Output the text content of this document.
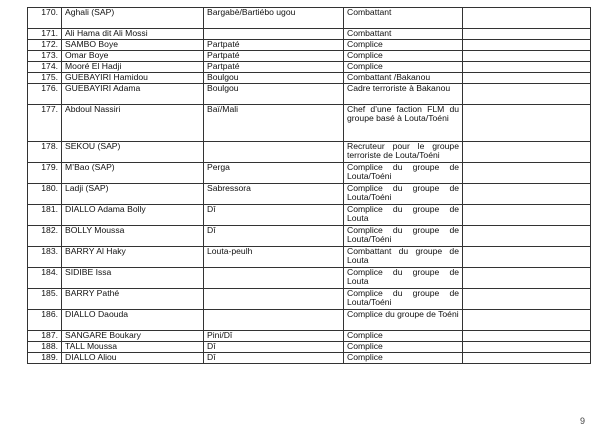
170.	Aghali (SAP)	Bargabè/Bartiébo ugou	Combattant	
171.	Ali Hama dit Ali Mossi		Combattant	
172.	SAMBO Boye	Partpaté	Complice	
173.	Omar Boye	Partpaté	Complice	
174.	Mooré El Hadji	Partpaté	Complice	
175.	GUEBAYIRI Hamidou	Boulgou	Combattant /Bakanou	
176.	GUEBAYIRI Adama	Boulgou	Cadre terroriste à Bakanou	
177.	Abdoul Nassiri	Baï/Mali	Chef d’une faction FLM du groupe basé à Louta/Toéni	
178.	SEKOU (SAP)		Recruteur pour le groupe terroriste de Louta/Toéni	
179.	M’Bao (SAP)	Perga	Complice du groupe de Louta/Toéni	
180.	Ladji (SAP)	Sabressora	Complice du groupe de Louta/Toéni	
181.	DIALLO Adama Bolly	Dî	Complice du groupe de Louta	
182.	BOLLY Moussa	Dî	Complice du groupe de Louta/Toéni	
183.	BARRY Al Haky	Louta-peulh	Combattant du groupe de Louta	
184.	SIDIBE Issa		Complice du groupe de Louta	
185.	BARRY Pathé		Complice du groupe de Louta/Toéni	
186.	DIALLO Daouda		Complice du groupe de Toéni	
187.	SANGARE Boukary	Pini/Dî	Complice	
188.	TALL Moussa	Dî	Complice	
189.	DIALLO Aliou	Dî	Complice	
9
